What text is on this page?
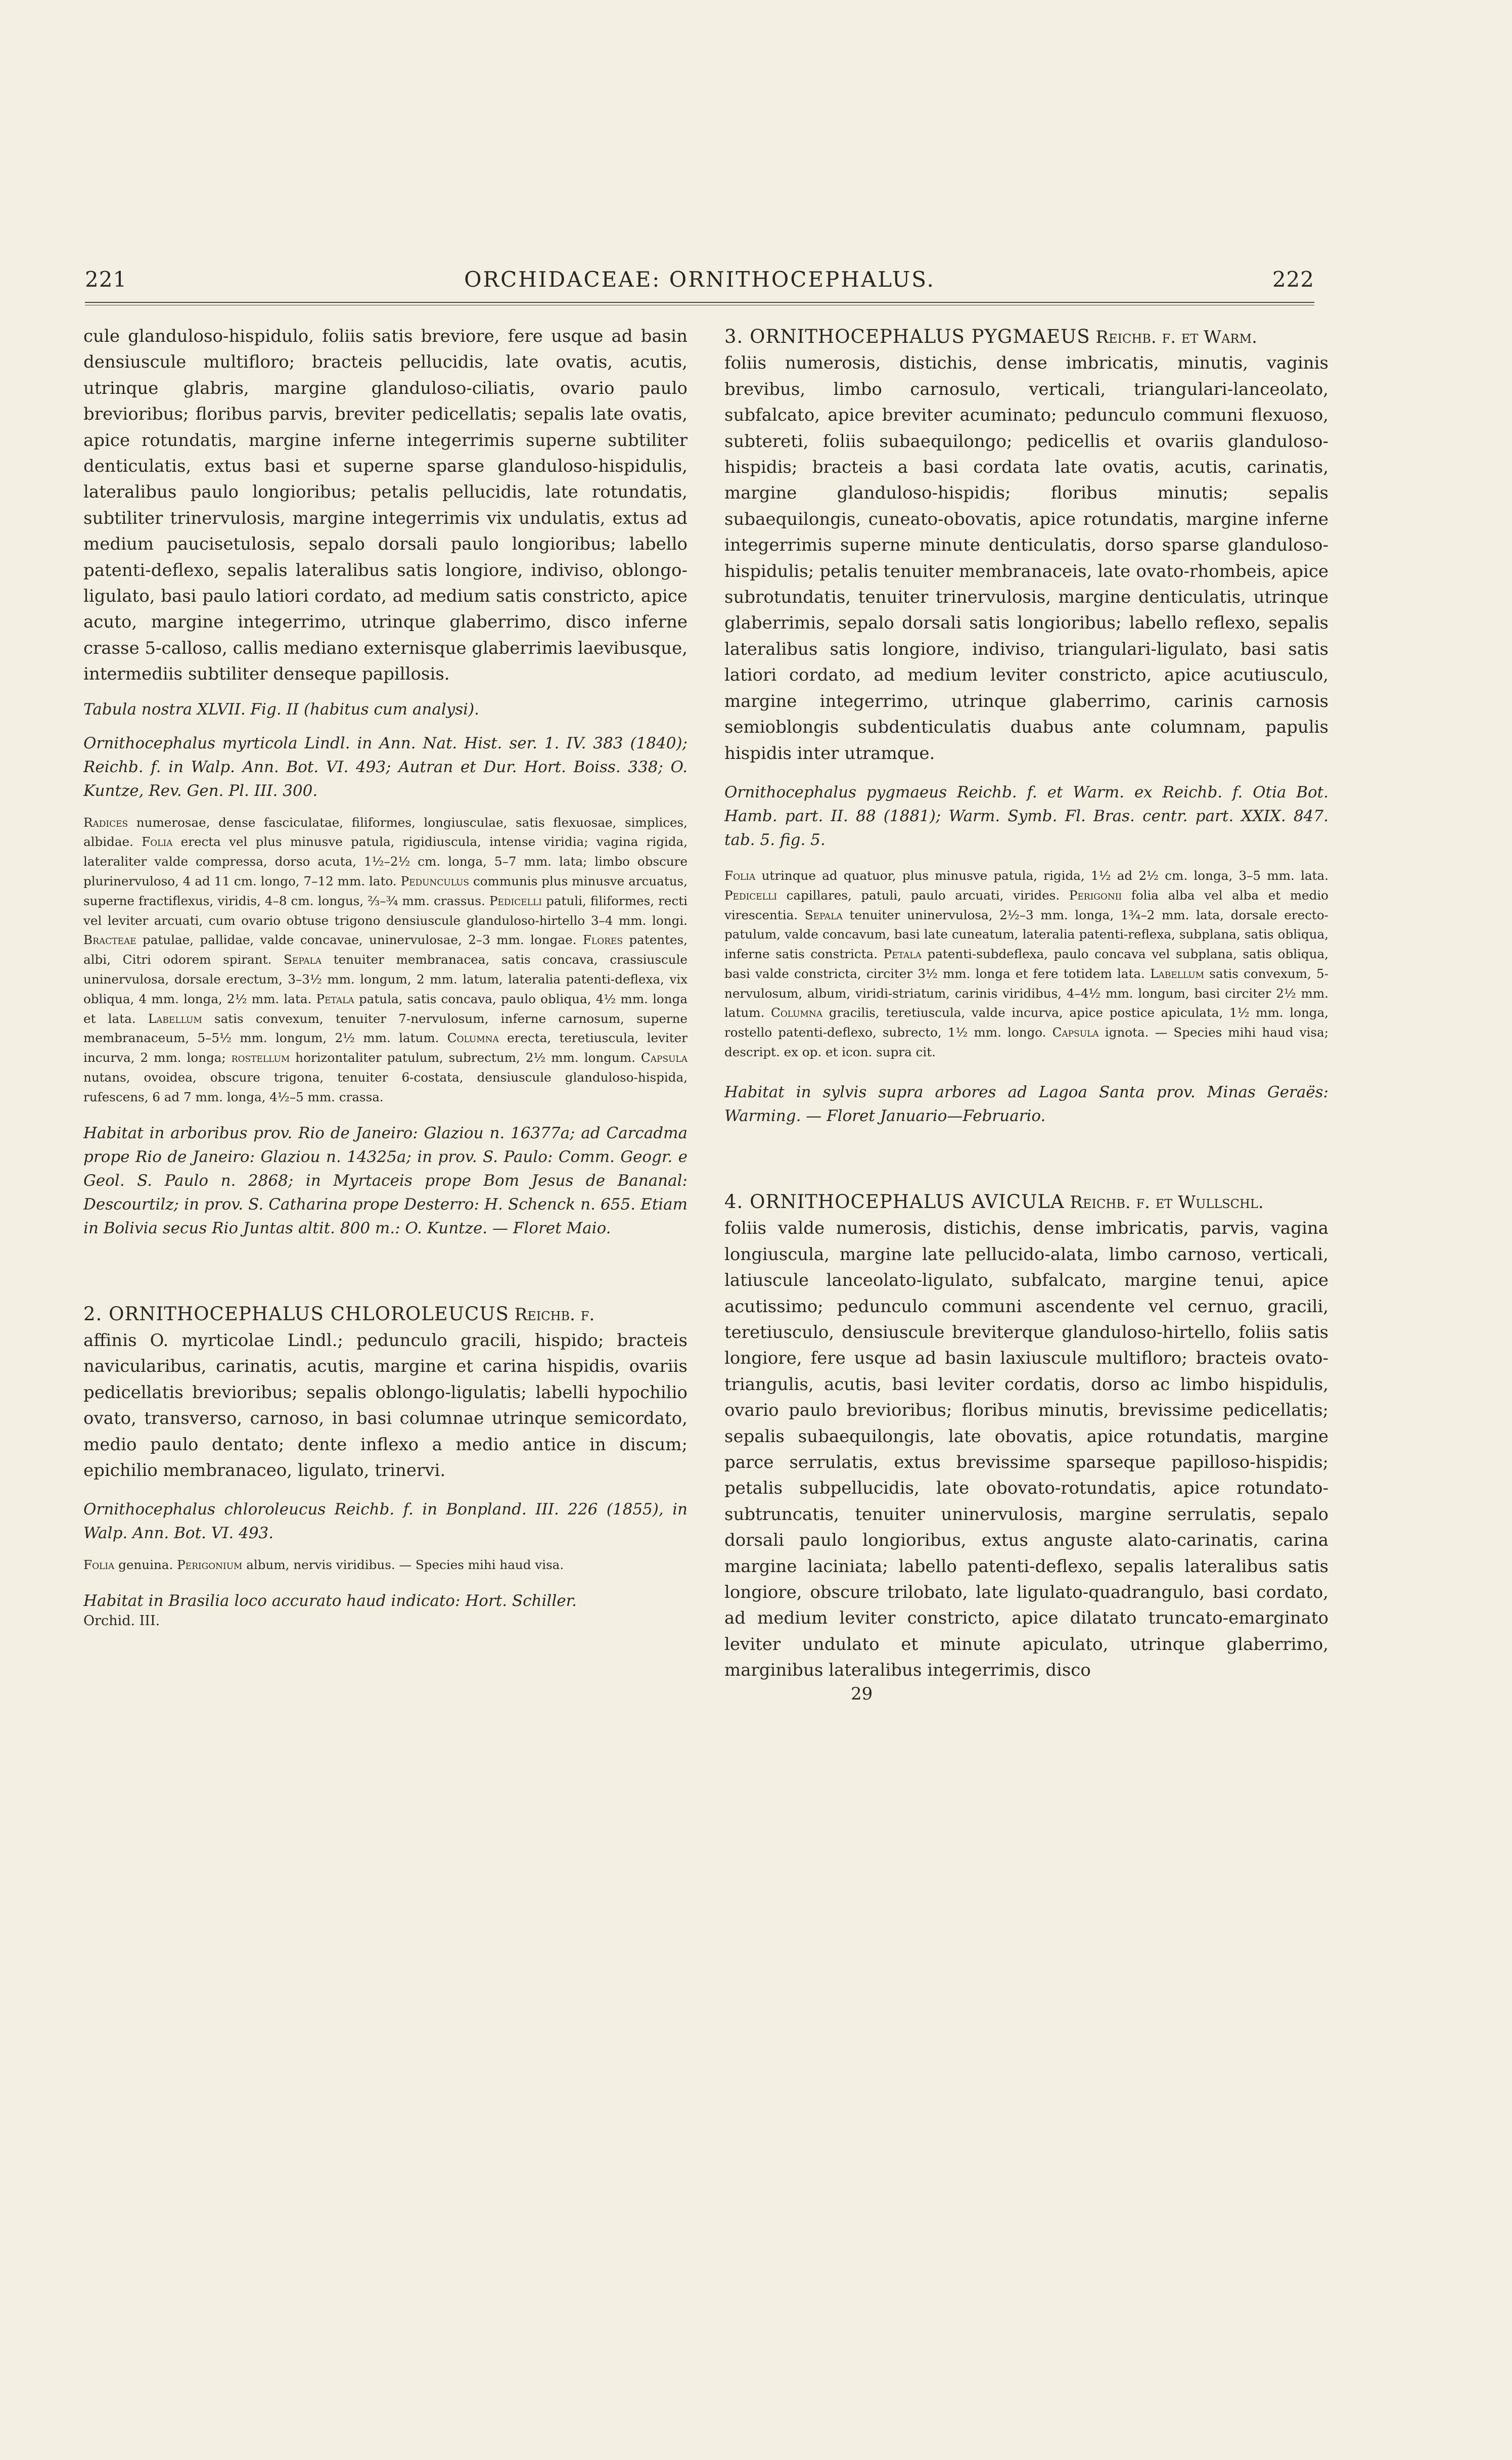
221	ORCHIDACEAE: ORNITHOCEPHALUS.	222

cule glanduloso-hispidulo, foliis satis breviore, fere usque ad basin densiuscule multifloro; bracteis pellucidis, late ovatis, acutis, utrinque glabris, margine glanduloso-ciliatis, ovario paulo brevioribus; floribus parvis, breviter pedicellatis; sepalis late ovatis, apice rotundatis, margine inferne integerrimis superne subtiliter denticulatis, extus basi et superne sparse glanduloso-hispidulis, lateralibus paulo longioribus; petalis pellucidis, late rotundatis, subtiliter trinervulosis, margine integerrimis vix undulatis, extus ad medium paucisetulosis, sepalo dorsali paulo longioribus; labello patenti-deflexo, sepalis lateralibus satis longiore, indiviso, oblongo-ligulato, basi paulo latiori cordato, ad medium satis constricto, apice acuto, margine integerrimo, utrinque glaberrimo, disco inferne crasse 5-calloso, callis mediano externisque glaberrimis laevibusque, intermediis subtiliter denseque papillosis.

Tabula nostra XLVII. Fig. II (habitus cum analysi).

Ornithocephalus myrticola Lindl. in Ann. Nat. Hist. ser. 1. IV. 383 (1840); Reichb. f. in Walp. Ann. Bot. VI. 493; Autran et Dur. Hort. Boiss. 338; O. Kuntze, Rev. Gen. Pl. III. 300.

Radices numerosae, dense fasciculatae, filiformes, longiusculae, satis flexuosae, simplices, albidae. Folia erecta vel plus minusve patula, rigidiuscula, intense viridia; vagina rigida, lateraliter valde compressa, dorso acuta, 1½–2½ cm. longa, 5–7 mm. lata; limbo obscure plurinervuloso, 4 ad 11 cm. longo, 7–12 mm. lato. Pedunculus communis plus minusve arcuatus, superne fractiflexus, viridis, 4–8 cm. longus, ⅔–¾ mm. crassus. Pedicelli patuli, filiformes, recti vel leviter arcuati, cum ovario obtuse trigono densiuscule glanduloso-hirtello 3–4 mm. longi. Bracteae patulae, pallidae, valde concavae, uninervulosae, 2–3 mm. longae. Flores patentes, albi, Citri odorem spirant. Sepala tenuiter membranacea, satis concava, crassiuscule uninervulosa, dorsale erectum, 3–3½ mm. longum, 2 mm. latum, lateralia patenti-deflexa, vix obliqua, 4 mm. longa, 2½ mm. lata. Petala patula, satis concava, paulo obliqua, 4½ mm. longa et lata. Labellum satis convexum, tenuiter 7-nervulosum, inferne carnosum, superne membranaceum, 5–5½ mm. longum, 2½ mm. latum. Columna erecta, teretiuscula, leviter incurva, 2 mm. longa; rostellum horizontaliter patulum, subrectum, 2½ mm. longum. Capsula nutans, ovoidea, obscure trigona, tenuiter 6-costata, densiuscule glanduloso-hispida, rufescens, 6 ad 7 mm. longa, 4½–5 mm. crassa.

Habitat in arboribus prov. Rio de Janeiro: Glaziou n. 16377a; ad Carcadma prope Rio de Janeiro: Glaziou n. 14325a; in prov. S. Paulo: Comm. Geogr. e Geol. S. Paulo n. 2868; in Myrtaceis prope Bom Jesus de Bananal: Descourtilz; in prov. S. Catharina prope Desterro: H. Schenck n. 655. Etiam in Bolivia secus Rio Juntas altit. 800 m.: O. Kuntze. — Floret Maio.

2. ORNITHOCEPHALUS CHLOROLEUCUS Reichb. f.

affinis O. myrticolae Lindl.; pedunculo gracili, hispido; bracteis navicularibus, carinatis, acutis, margine et carina hispidis, ovariis pedicellatis brevioribus; sepalis oblongo-ligulatis; labelli hypochilio ovato, transverso, carnoso, in basi columnae utrinque semicordato, medio paulo dentato; dente inflexo a medio antice in discum; epichilio membranaceo, ligulato, trinervi.

Ornithocephalus chloroleucus Reichb. f. in Bonpland. III. 226 (1855), in Walp. Ann. Bot. VI. 493.

Folia genuina. Perigonium album, nervis viridibus. — Species mihi haud visa.

Habitat in Brasilia loco accurato haud indicato: Hort. Schiller.

Orchid. III.

3. ORNITHOCEPHALUS PYGMAEUS Reichb. f. et Warm.

foliis numerosis, distichis, dense imbricatis, minutis, vaginis brevibus, limbo carnosulo, verticali, triangulari-lanceolato, subfalcato, apice breviter acuminato; pedunculo communi flexuoso, subtereti, foliis subaequilongo; pedicellis et ovariis glanduloso-hispidis; bracteis a basi cordata late ovatis, acutis, carinatis, margine glanduloso-hispidis; floribus minutis; sepalis subaequilongis, cuneato-obovatis, apice rotundatis, margine inferne integerrimis superne minute denticulatis, dorso sparse glanduloso-hispidulis; petalis tenuiter membranaceis, late ovato-rhombeis, apice subrotundatis, tenuiter trinervulosis, margine denticulatis, utrinque glaberrimis, sepalo dorsali satis longioribus; labello reflexo, sepalis lateralibus satis longiore, indiviso, triangulari-ligulato, basi satis latiori cordato, ad medium leviter constricto, apice acutiusculo, margine integerrimo, utrinque glaberrimo, carinis carnosis semioblongis subdenticulatis duabus ante columnam, papulis hispidis inter utramque.

Ornithocephalus pygmaeus Reichb. f. et Warm. ex Reichb. f. Otia Bot. Hamb. part. II. 88 (1881); Warm. Symb. Fl. Bras. centr. part. XXIX. 847. tab. 5. fig. 5.

Folia utrinque ad quatuor, plus minusve patula, rigida, 1½ ad 2½ cm. longa, 3–5 mm. lata. Pedicelli capillares, patuli, paulo arcuati, virides. Perigonii folia alba vel alba et medio virescentia. Sepala tenuiter uninervulosa, 2½–3 mm. longa, 1¾–2 mm. lata, dorsale erecto-patulum, valde concavum, basi late cuneatum, lateralia patenti-reflexa, subplana, satis obliqua, inferne satis constricta. Petala patenti-subdeflexa, paulo concava vel subplana, satis obliqua, basi valde constricta, circiter 3½ mm. longa et fere totidem lata. Labellum satis convexum, 5-nervulosum, album, viridi-striatum, carinis viridibus, 4–4½ mm. longum, basi circiter 2½ mm. latum. Columna gracilis, teretiuscula, valde incurva, apice postice apiculata, 1½ mm. longa, rostello patenti-deflexo, subrecto, 1½ mm. longo. Capsula ignota. — Species mihi haud visa; descript. ex op. et icon. supra cit.

Habitat in sylvis supra arbores ad Lagoa Santa prov. Minas Geraës: Warming. — Floret Januario—Februario.

4. ORNITHOCEPHALUS AVICULA Reichb. f. et Wullschl.

foliis valde numerosis, distichis, dense imbricatis, parvis, vagina longiuscula, margine late pellucido-alata, limbo carnoso, verticali, latiuscule lanceolato-ligulato, subfalcato, margine tenui, apice acutissimo; pedunculo communi ascendente vel cernuo, gracili, teretiusculo, densiuscule breviterque glanduloso-hirtello, foliis satis longiore, fere usque ad basin laxiuscule multifloro; bracteis ovato-triangulis, acutis, basi leviter cordatis, dorso ac limbo hispidulis, ovario paulo brevioribus; floribus minutis, brevissime pedicellatis; sepalis subaequilongis, late obovatis, apice rotundatis, margine parce serrulatis, extus brevissime sparseque papilloso-hispidis; petalis subpellucidis, late obovato-rotundatis, apice rotundato-subtruncatis, tenuiter uninervulosis, margine serrulatis, sepalo dorsali paulo longioribus, extus anguste alato-carinatis, carina margine laciniata; labello patenti-deflexo, sepalis lateralibus satis longiore, obscure trilobato, late ligulato-quadrangulo, basi cordato, ad medium leviter constricto, apice dilatato truncato-emarginato leviter undulato et minute apiculato, utrinque glaberrimo, marginibus lateralibus integerrimis, disco

29
